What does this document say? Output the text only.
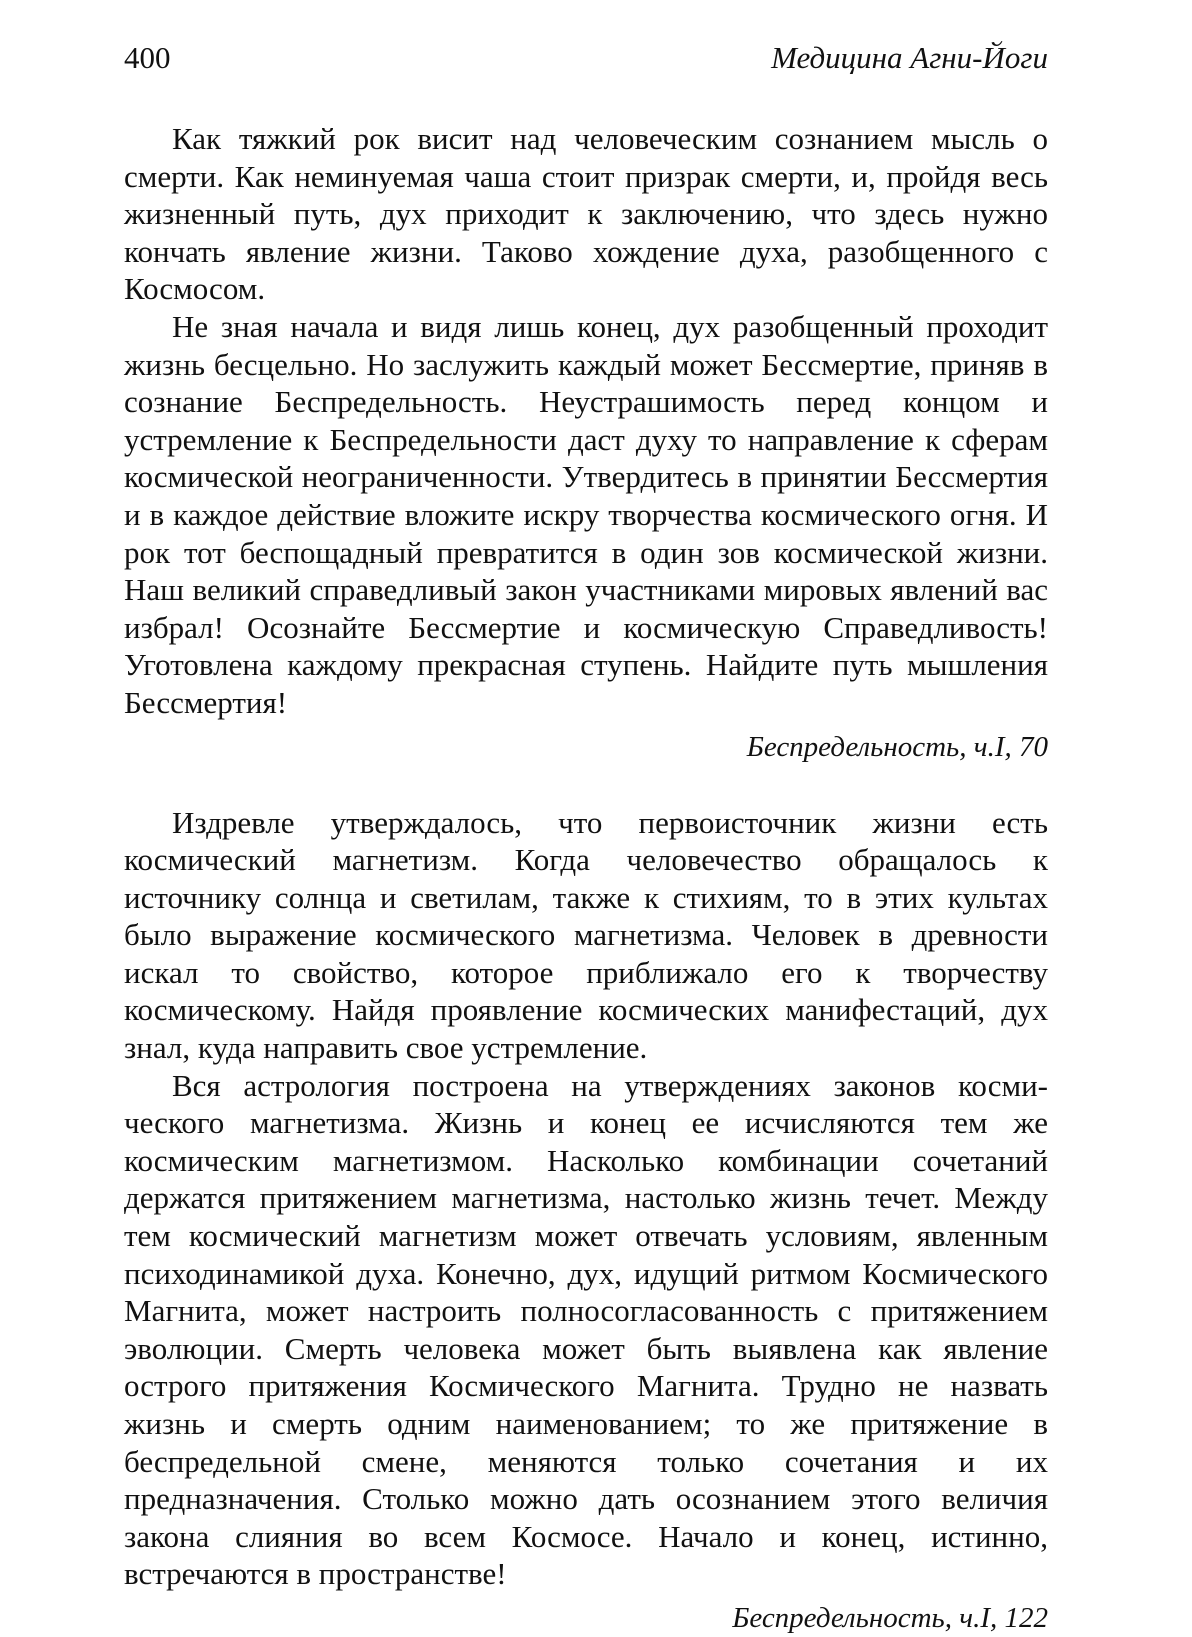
400	Медицина Агни-Йоги

Как тяжкий рок висит над человеческим сознанием мысль о смерти. Как неминуемая чаша стоит призрак смерти, и, пройдя весь жизненный путь, дух приходит к заключению, что здесь нужно кончать явление жизни. Таково хождение духа, разобщенного с Космосом.

Не зная начала и видя лишь конец, дух разобщенный проходит жизнь бесцельно. Но заслужить каждый может Бессмертие, приняв в сознание Беспредельность. Неустрашимость перед концом и устремление к Беспредельности даст духу то направление к сферам космической неограниченности. Утвердитесь в принятии Бессмертия и в каждое действие вложите искру творчества космического огня. И рок тот беспощадный превратится в один зов космической жизни. Наш великий справедливый закон участниками мировых явлений вас избрал! Осознайте Бессмертие и космическую Справедливость! Уготовлена каждому прекрасная ступень. Найдите путь мышления Бессмертия!

Беспредельность, ч.I, 70

Издревле утверждалось, что первоисточник жизни есть космический магнетизм. Когда человечество обращалось к источнику солнца и светилам, также к стихиям, то в этих культах было выражение космического магнетизма. Человек в древности искал то свойство, которое приближало его к творчеству космическому. Найдя проявление космических манифестаций, дух знал, куда направить свое устремление.

Вся астрология построена на утверждениях законов космического магнетизма. Жизнь и конец ее исчисляются тем же космическим магнетизмом. Насколько комбинации сочетаний держатся притяжением магнетизма, настолько жизнь течет. Между тем космический магнетизм может отвечать условиям, явленным психодинамикой духа. Конечно, дух, идущий ритмом Космического Магнита, может настроить полносогласованность с притяжением эволюции. Смерть человека может быть выявлена как явление острого притяжения Космического Магнита. Трудно не назвать жизнь и смерть одним наименованием; то же притяжение в беспредельной смене, меняются только сочетания и их предназначения. Столько можно дать осознанием этого величия закона слияния во всем Космосе. Начало и конец, истинно, встречаются в пространстве!

Беспредельность, ч.I, 122
